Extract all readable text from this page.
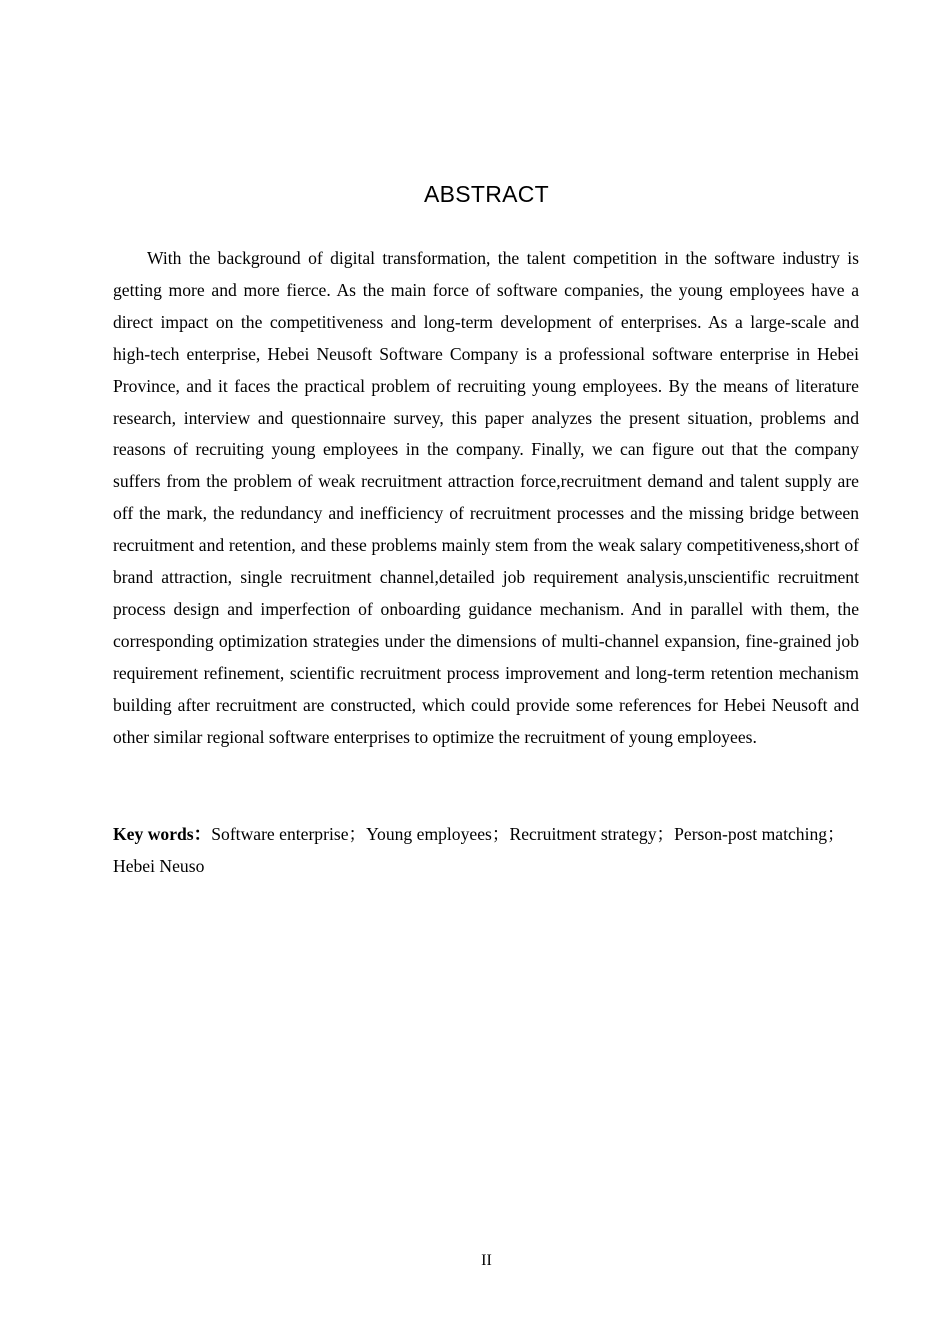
ABSTRACT

With the background of digital transformation, the talent competition in the software industry is getting more and more fierce. As the main force of software companies, the young employees have a direct impact on the competitiveness and long-term development of enterprises. As a large-scale and high-tech enterprise, Hebei Neusoft Software Company is a professional software enterprise in Hebei Province, and it faces the practical problem of recruiting young employees. By the means of literature research, interview and questionnaire survey, this paper analyzes the present situation, problems and reasons of recruiting young employees in the company. Finally, we can figure out that the company suffers from the problem of weak recruitment attraction force,recruitment demand and talent supply are off the mark, the redundancy and inefficiency of recruitment processes and the missing bridge between recruitment and retention, and these problems mainly stem from the weak salary competitiveness,short of brand attraction, single recruitment channel,detailed job requirement analysis,unscientific recruitment process design and imperfection of onboarding guidance mechanism. And in parallel with them, the corresponding optimization strategies under the dimensions of multi-channel expansion, fine-grained job requirement refinement, scientific recruitment process improvement and long-term retention mechanism building after recruitment are constructed, which could provide some references for Hebei Neusoft and other similar regional software enterprises to optimize the recruitment of young employees.

Key words：Software enterprise；Young employees；Recruitment strategy；Person-post matching；Hebei Neuso

II
